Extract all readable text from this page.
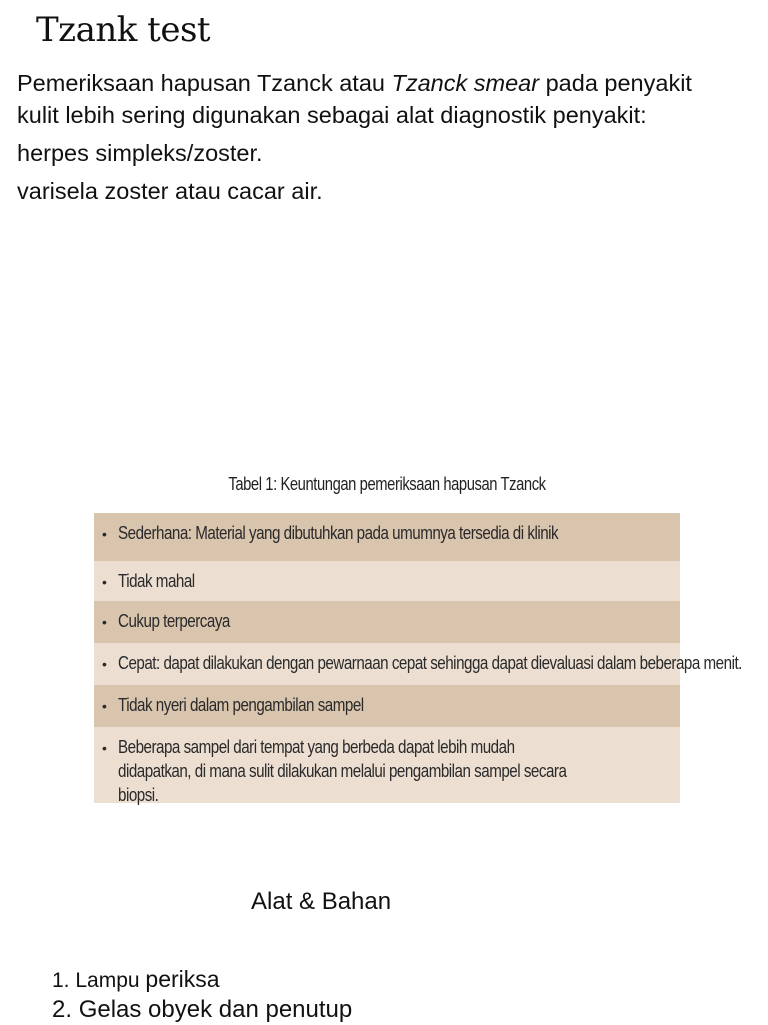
Tzank test

Pemeriksaan hapusan Tzanck atau Tzanck smear pada penyakit kulit lebih sering digunakan sebagai alat diagnostik penyakit:

herpes simpleks/zoster.

varisela zoster atau cacar air.

Tabel 1: Keuntungan pemeriksaan hapusan Tzanck
• Sederhana: Material yang dibutuhkan pada umumnya tersedia di klinik
• Tidak mahal
• Cukup terpercaya
• Cepat: dapat dilakukan dengan pewarnaan cepat sehingga dapat dievaluasi dalam beberapa menit.
• Tidak nyeri dalam pengambilan sampel
• Beberapa sampel dari tempat yang berbeda dapat lebih mudah didapatkan, di mana sulit dilakukan melalui pengambilan sampel secara biopsi.
Alat & Bahan
1. Lampu periksa
2. Gelas obyek dan penutup
